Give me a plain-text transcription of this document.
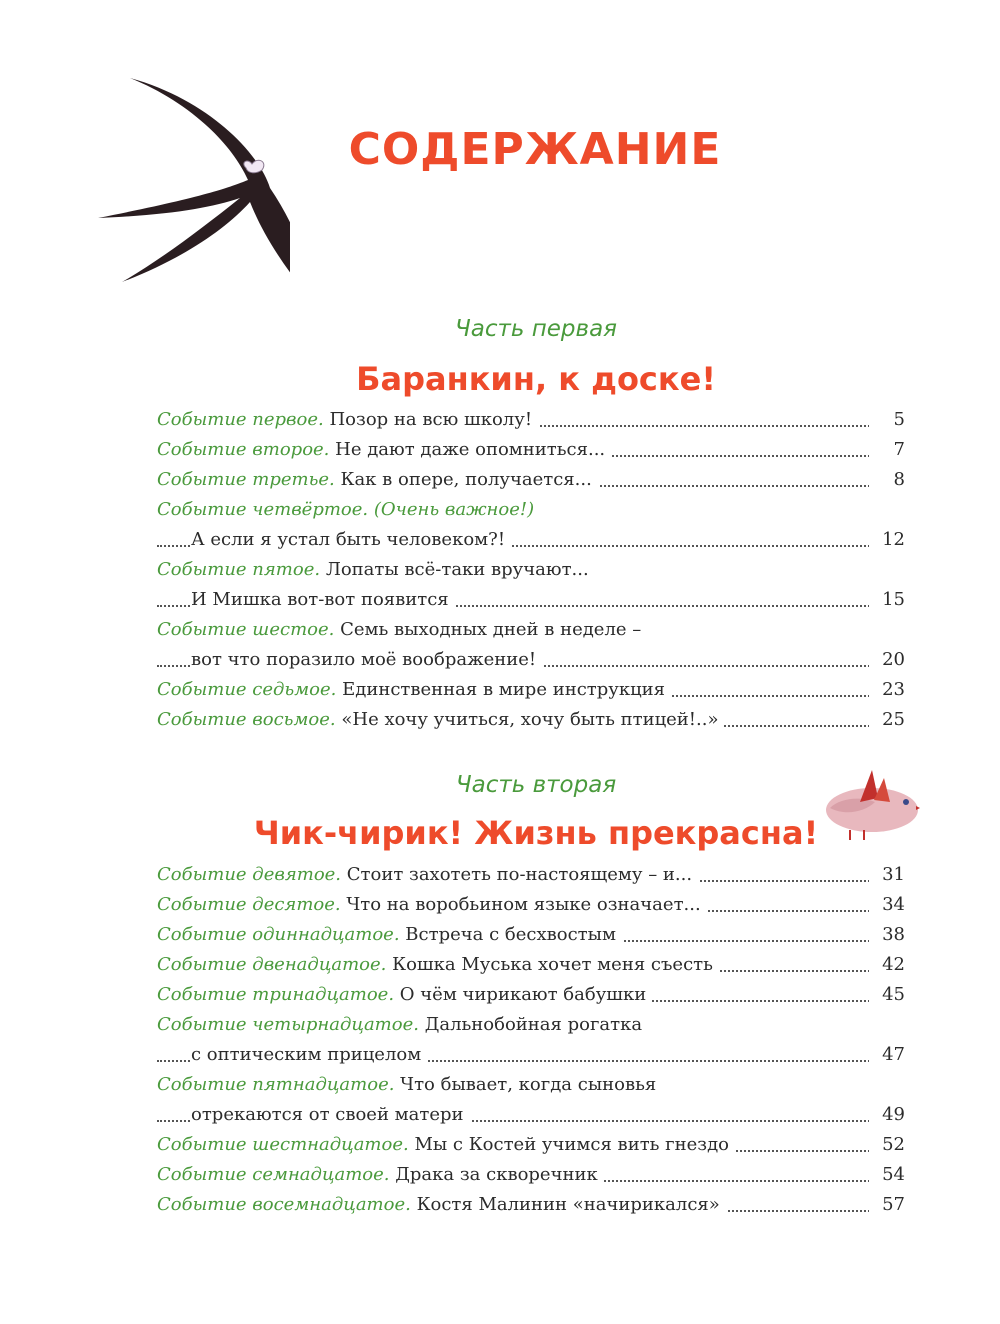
СОДЕРЖАНИЕ
Часть первая
Баранкин, к доске!
Событие первое. Позор на всю школу!	5
Событие второе. Не дают даже опомниться...	7
Событие третье. Как в опере, получается...	8
Событие четвёртое. (Очень важное!)
А если я устал быть человеком?!	12
Событие пятое. Лопаты всё-таки вручают...
И Мишка вот-вот появится	15
Событие шестое. Семь выходных дней в неделе –
вот что поразило моё воображение!	20
Событие седьмое. Единственная в мире инструкция	23
Событие восьмое. «Не хочу учиться, хочу быть птицей!..»	25
Часть вторая
Чик-чирик! Жизнь прекрасна!
Событие девятое. Стоит захотеть по-настоящему – и...	31
Событие десятое. Что на воробьином языке означает...	34
Событие одиннадцатое. Встреча с бесхвостым	38
Событие двенадцатое. Кошка Муська хочет меня съесть	42
Событие тринадцатое. О чём чирикают бабушки	45
Событие четырнадцатое. Дальнобойная рогатка
с оптическим прицелом	47
Событие пятнадцатое. Что бывает, когда сыновья
отрекаются от своей матери	49
Событие шестнадцатое. Мы с Костей учимся вить гнездо	52
Событие семнадцатое. Драка за скворечник	54
Событие восемнадцатое. Костя Малинин «начирикался»	57
